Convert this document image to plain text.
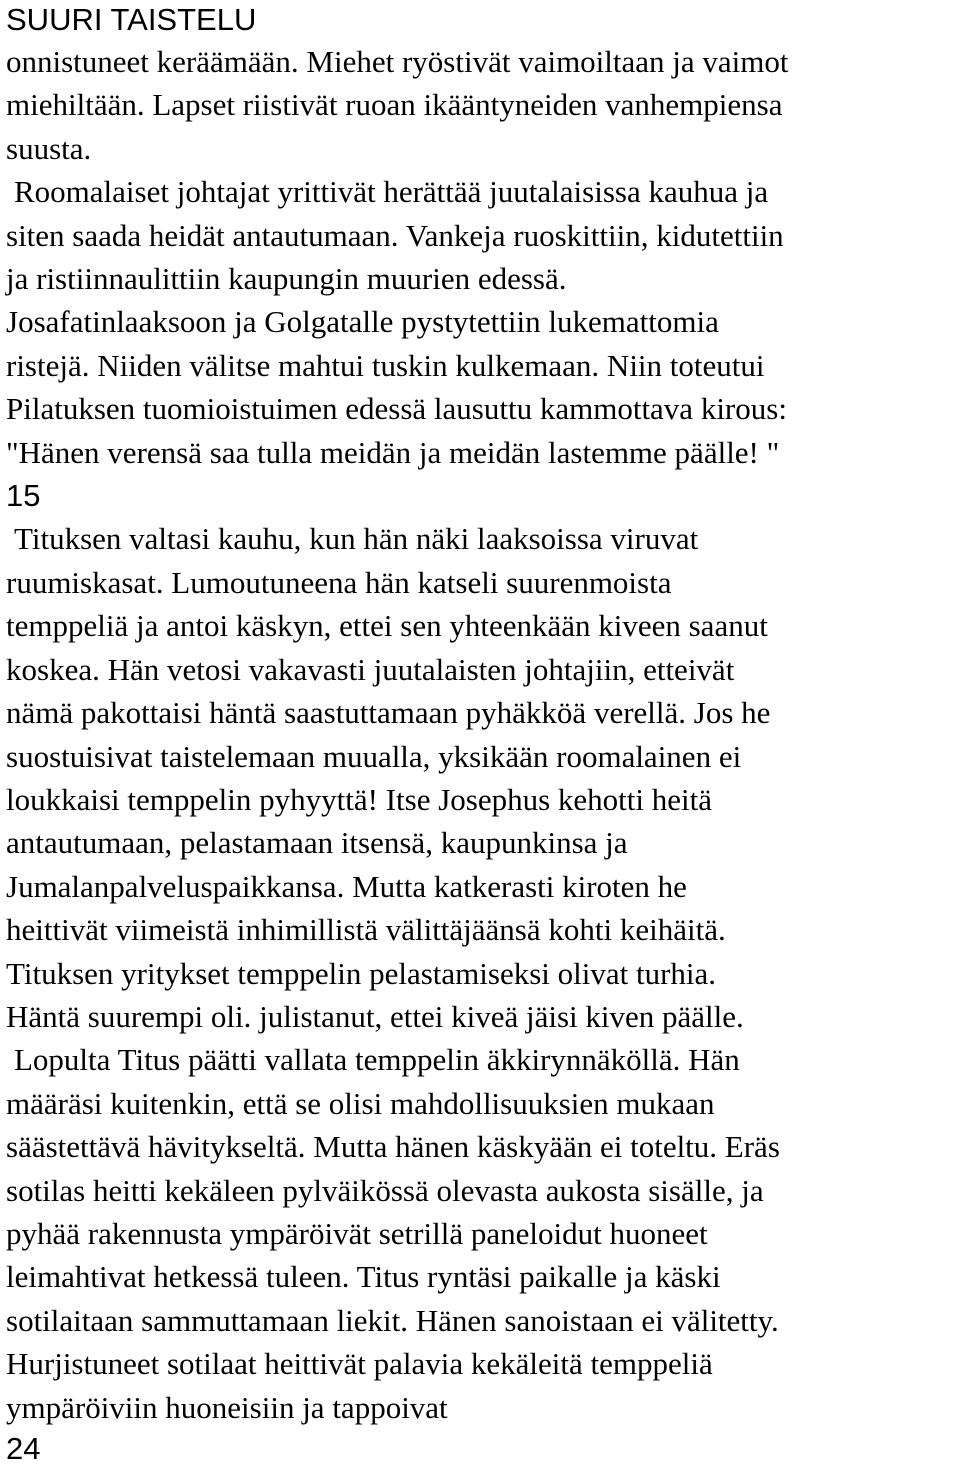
SUURI TAISTELU
onnistuneet keräämään. Miehet ryöstivät vaimoiltaan ja vaimot
miehiltään. Lapset riistivät ruoan ikääntyneiden vanhempiensa
suusta.
Roomalaiset johtajat yrittivät herättää juutalaisissa kauhua ja
siten saada heidät antautumaan. Vankeja ruoskittiin, kidutettiin
ja ristiinnaulittiin kaupungin muurien edessä.
Josafatinlaaksoon ja Golgatalle pystytettiin lukemattomia
ristejä. Niiden välitse mahtui tuskin kulkemaan. Niin toteutui
Pilatuksen tuomioistuimen edessä lausuttu kammottava kirous:
"Hänen verensä saa tulla meidän ja meidän lastemme päälle! "
15
Tituksen valtasi kauhu, kun hän näki laaksoissa viruvat
ruumiskasat. Lumoutuneena hän katseli suurenmoista
temppeliä ja antoi käskyn, ettei sen yhteenkään kiveen saanut
koskea. Hän vetosi vakavasti juutalaisten johtajiin, etteivät
nämä pakottaisi häntä saastuttamaan pyhäkköä verellä. Jos he
suostuisivat taistelemaan muualla, yksikään roomalainen ei
loukkaisi temppelin pyhyyttä! Itse Josephus kehotti heitä
antautumaan, pelastamaan itsensä, kaupunkinsa ja
Jumalanpalveluspaikkansa. Mutta katkerasti kiroten he
heittivät viimeistä inhimillistä välittäjäänsä kohti keihäitä.
Tituksen yritykset temppelin pelastamiseksi olivat turhia.
Häntä suurempi oli. julistanut, ettei kiveä jäisi kiven päälle.
Lopulta Titus päätti vallata temppelin äkkirynnäköllä. Hän
määräsi kuitenkin, että se olisi mahdollisuuksien mukaan
säästettävä hävitykseltä. Mutta hänen käskyään ei toteltu. Eräs
sotilas heitti kekäleen pylväikössä olevasta aukosta sisälle, ja
pyhää rakennusta ympäröivät setrillä paneloidut huoneet
leimahtivat hetkessä tuleen. Titus ryntäsi paikalle ja käski
sotilaitaan sammuttamaan liekit. Hänen sanoistaan ei välitetty.
Hurjistuneet sotilaat heittivät palavia kekäleitä temppeliä
ympäröiviin huoneisiin ja tappoivat
24
